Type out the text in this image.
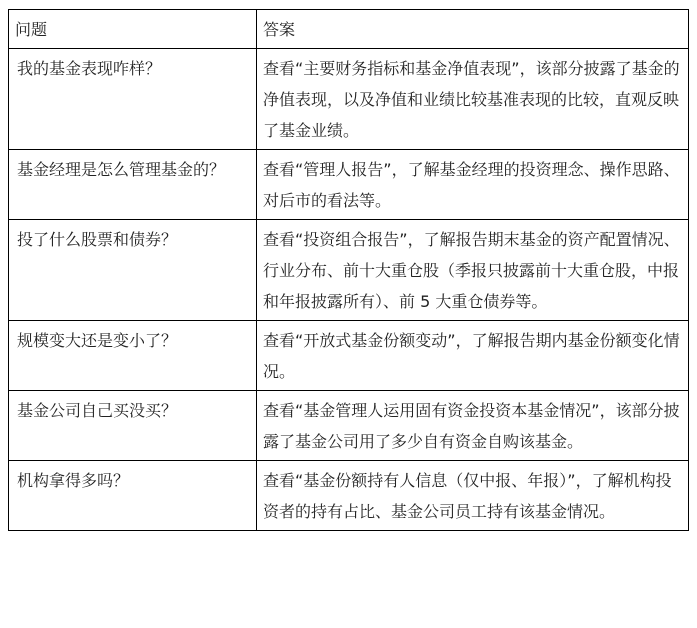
问题	答案
我的基金表现咋样？	查看“主要财务指标和基金净值表现”，该部分披露了基金的净值表现，以及净值和业绩比较基准表现的比较，直观反映了基金业绩。
基金经理是怎么管理基金的？	查看“管理人报告”，了解基金经理的投资理念、操作思路、对后市的看法等。
投了什么股票和债券？	查看“投资组合报告”，了解报告期末基金的资产配置情况、行业分布、前十大重仓股（季报只披露前十大重仓股，中报和年报披露所有）、前 5 大重仓债券等。
规模变大还是变小了？	查看“开放式基金份额变动”，了解报告期内基金份额变化情况。
基金公司自己买没买？	查看“基金管理人运用固有资金投资本基金情况”，该部分披露了基金公司用了多少自有资金自购该基金。
机构拿得多吗？	查看“基金份额持有人信息（仅中报、年报）”，了解机构投资者的持有占比、基金公司员工持有该基金情况。
